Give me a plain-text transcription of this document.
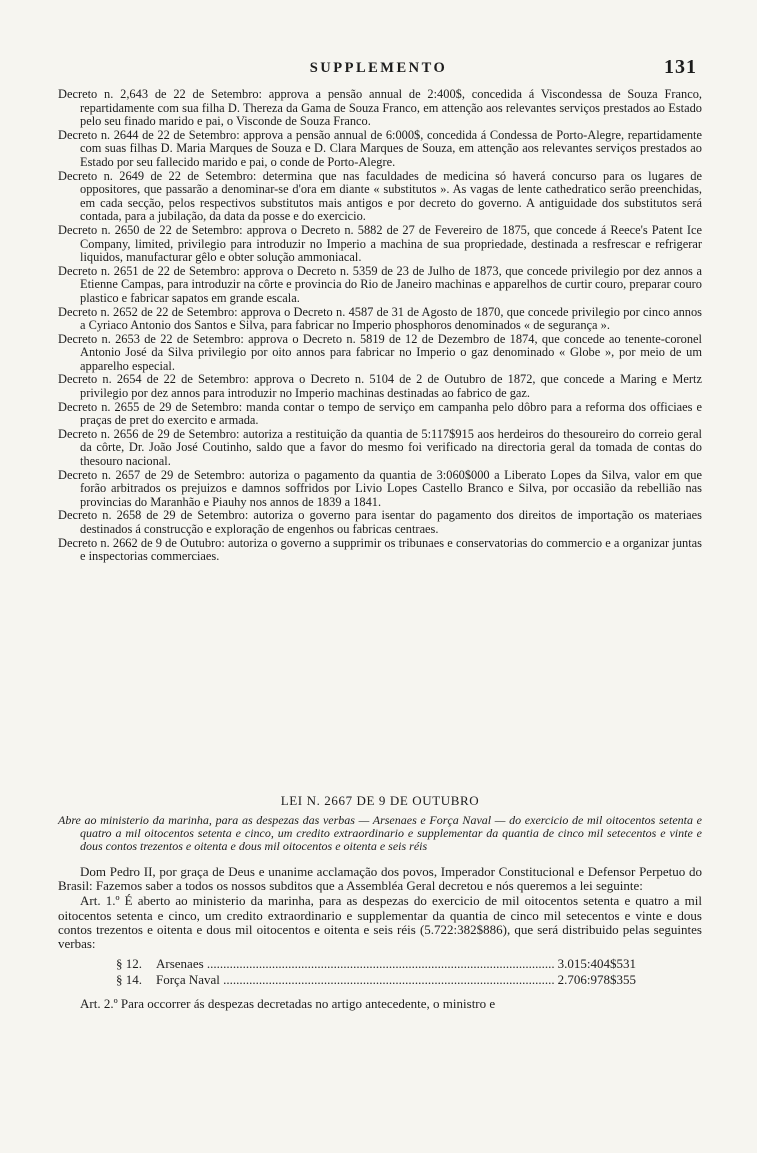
SUPPLEMENTO	131

Decreto n. 2,643 de 22 de Setembro: approva a pensão annual de 2:400$, concedida á Viscondessa de Souza Franco, repartidamente com sua filha D. Thereza da Gama de Souza Franco, em attenção aos relevantes serviços prestados ao Estado pelo seu finado marido e pai, o Visconde de Souza Franco.

Decreto n. 2644 de 22 de Setembro: approva a pensão annual de 6:000$, concedida á Condessa de Porto-Alegre, repartidamente com suas filhas D. Maria Marques de Souza e D. Clara Marques de Souza, em attenção aos relevantes serviços prestados ao Estado por seu fallecido marido e pai, o conde de Porto-Alegre.

Decreto n. 2649 de 22 de Setembro: determina que nas faculdades de medicina só haverá concurso para os lugares de oppositores, que passarão a denominar-se d'ora em diante « substitutos ». As vagas de lente cathedratico serão preenchidas, em cada secção, pelos respectivos substitutos mais antigos e por decreto do governo. A antiguidade dos substitutos será contada, para a jubilação, da data da posse e do exercicio.

Decreto n. 2650 de 22 de Setembro: approva o Decreto n. 5882 de 27 de Fevereiro de 1875, que concede á Reece's Patent Ice Company, limited, privilegio para introduzir no Imperio a machina de sua propriedade, destinada a resfrescar e refrigerar liquidos, manufacturar gêlo e obter solução ammoniacal.

Decreto n. 2651 de 22 de Setembro: approva o Decreto n. 5359 de 23 de Julho de 1873, que concede privilegio por dez annos a Etienne Campas, para introduzir na côrte e provincia do Rio de Janeiro machinas e apparelhos de curtir couro, preparar couro plastico e fabricar sapatos em grande escala.

Decreto n. 2652 de 22 de Setembro: approva o Decreto n. 4587 de 31 de Agosto de 1870, que concede privilegio por cinco annos a Cyriaco Antonio dos Santos e Silva, para fabricar no Imperio phosphoros denominados « de segurança ».

Decreto n. 2653 de 22 de Setembro: approva o Decreto n. 5819 de 12 de Dezembro de 1874, que concede ao tenente-coronel Antonio José da Silva privilegio por oito annos para fabricar no Imperio o gaz denominado « Globe », por meio de um apparelho especial.

Decreto n. 2654 de 22 de Setembro: approva o Decreto n. 5104 de 2 de Outubro de 1872, que concede a Maring e Mertz privilegio por dez annos para introduzir no Imperio machinas destinadas ao fabrico de gaz.

Decreto n. 2655 de 29 de Setembro: manda contar o tempo de serviço em campanha pelo dôbro para a reforma dos officiaes e praças de pret do exercito e armada.

Decreto n. 2656 de 29 de Setembro: autoriza a restituição da quantia de 5:117$915 aos herdeiros do thesoureiro do correio geral da côrte, Dr. João José Coutinho, saldo que a favor do mesmo foi verificado na directoria geral da tomada de contas do thesouro nacional.

Decreto n. 2657 de 29 de Setembro: autoriza o pagamento da quantia de 3:060$000 a Liberato Lopes da Silva, valor em que forão arbitrados os prejuizos e damnos soffridos por Livio Lopes Castello Branco e Silva, por occasião da rebellião nas provincias do Maranhão e Piauhy nos annos de 1839 a 1841.

Decreto n. 2658 de 29 de Setembro: autoriza o governo para isentar do pagamento dos direitos de importação os materiaes destinados á construcção e exploração de engenhos ou fabricas centraes.

Decreto n. 2662 de 9 de Outubro: autoriza o governo a supprimir os tribunaes e conservatorias do commercio e a organizar juntas e inspectorias commerciaes.

LEI N. 2667 DE 9 DE OUTUBRO

Abre ao ministerio da marinha, para as despezas das verbas — Arsenaes e Força Naval — do exercicio de mil oitocentos setenta e quatro a mil oitocentos setenta e cinco, um credito extraordinario e supplementar da quantia de cinco mil setecentos e vinte e dous contos trezentos e oitenta e dous mil oitocentos e oitenta e seis réis

Dom Pedro II, por graça de Deus e unanime acclamação dos povos, Imperador Constitucional e Defensor Perpetuo do Brasil: Fazemos saber a todos os nossos subditos que a Assembléa Geral decretou e nós queremos a lei seguinte:

Art. 1.º É aberto ao ministerio da marinha, para as despezas do exercicio de mil oitocentos setenta e quatro a mil oitocentos setenta e cinco, um credito extraordinario e supplementar da quantia de cinco mil setecentos e vinte e dous contos trezentos e oitenta e dous mil oitocentos e oitenta e seis réis (5.722:382$886), que será distribuido pelas seguintes verbas:

§ 12.	Arsenaes .....	3.015:404$531
§ 14.	Força Naval .....	2.706:978$355

Art. 2.º Para occorrer ás despezas decretadas no artigo antecedente, o ministro e
